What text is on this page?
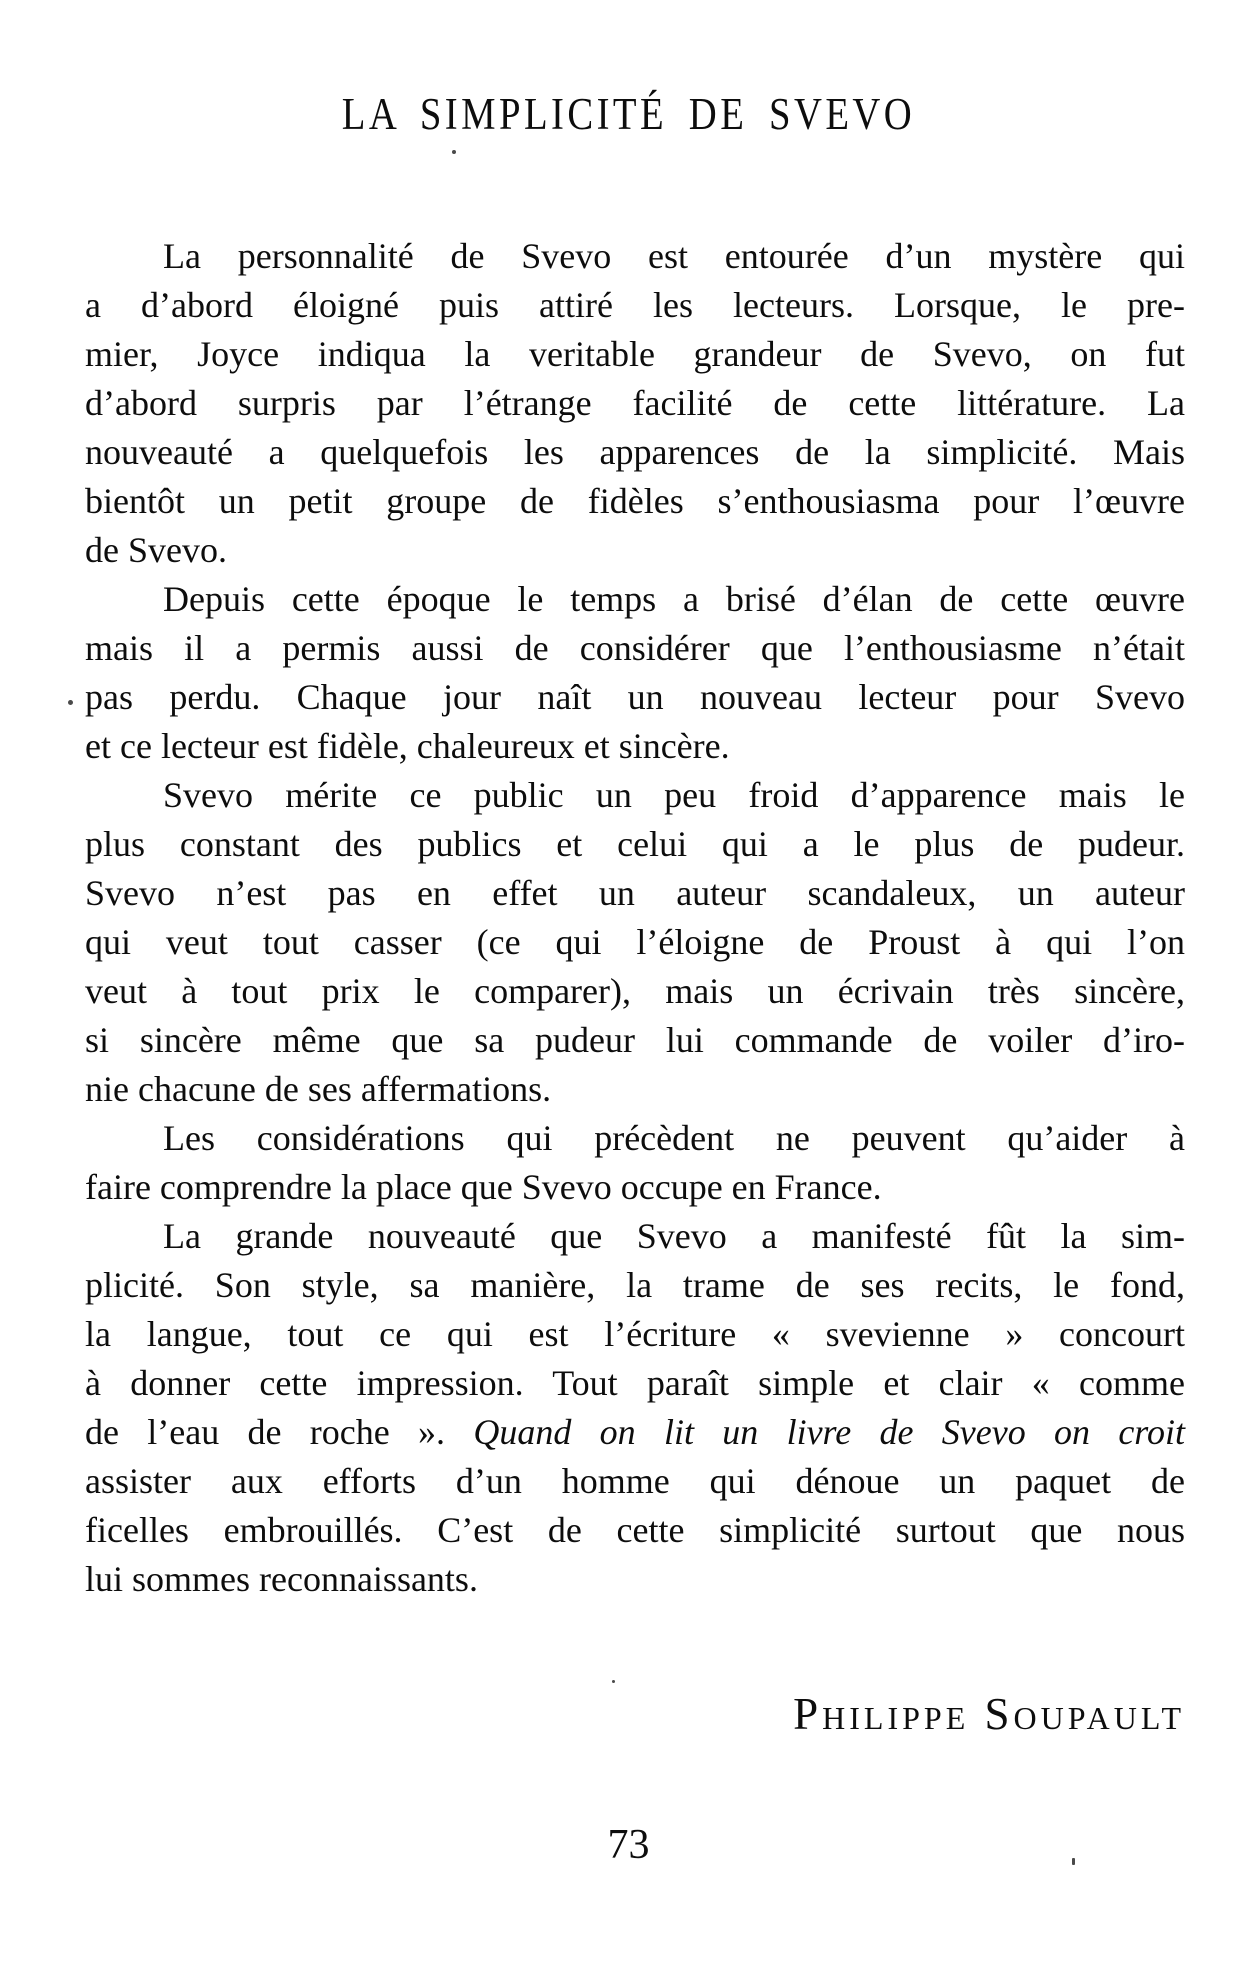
LA SIMPLICITÉ DE SVEVO
La personnalité de Svevo est entourée d’un mystère qui
a d’abord éloigné puis attiré les lecteurs. Lorsque, le pre-
mier, Joyce indiqua la veritable grandeur de Svevo, on fut
d’abord surpris par l’étrange facilité de cette littérature. La
nouveauté a quelquefois les apparences de la simplicité. Mais
bientôt un petit groupe de fidèles s’enthousiasma pour l’œuvre
de Svevo.
Depuis cette époque le temps a brisé d’élan de cette œuvre
mais il a permis aussi de considérer que l’enthousiasme n’était
pas perdu. Chaque jour naît un nouveau lecteur pour Svevo
et ce lecteur est fidèle, chaleureux et sincère.
Svevo mérite ce public un peu froid d’apparence mais le
plus constant des publics et celui qui a le plus de pudeur.
Svevo n’est pas en effet un auteur scandaleux, un auteur
qui veut tout casser (ce qui l’éloigne de Proust à qui l’on
veut à tout prix le comparer), mais un écrivain très sincère,
si sincère même que sa pudeur lui commande de voiler d’iro-
nie chacune de ses affermations.
Les considérations qui précèdent ne peuvent qu’aider à
faire comprendre la place que Svevo occupe en France.
La grande nouveauté que Svevo a manifesté fût la sim-
plicité. Son style, sa manière, la trame de ses recits, le fond,
la langue, tout ce qui est l’écriture « svevienne » concourt
à donner cette impression. Tout paraît simple et clair « comme
de l’eau de roche ». Quand on lit un livre de Svevo on croit
assister aux efforts d’un homme qui dénoue un paquet de
ficelles embrouillés. C’est de cette simplicité surtout que nous
lui sommes reconnaissants.
Philippe Soupault
73
